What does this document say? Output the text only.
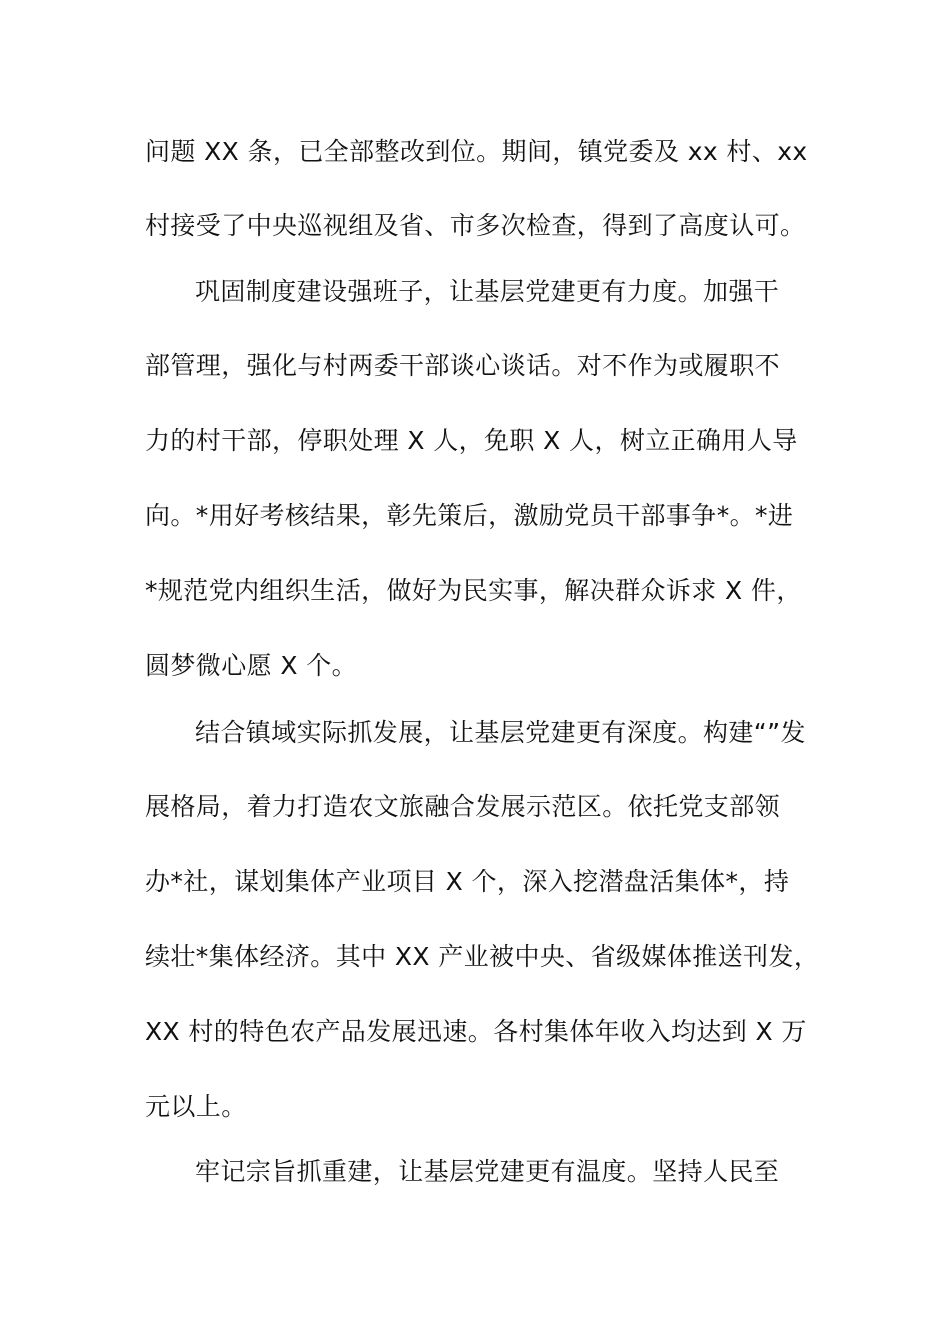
问题 XX 条，已全部整改到位。期间，镇党委及 xx 村、xx
村接受了中央巡视组及省、市多次检查，得到了高度认可。
巩固制度建设强班子，让基层党建更有力度。加强干
部管理，强化与村两委干部谈心谈话。对不作为或履职不
力的村干部，停职处理 X 人，免职 X 人，树立正确用人导
向。*用好考核结果，彰先策后，激励党员干部事争*。*进
*规范党内组织生活，做好为民实事，解决群众诉求 X 件，
圆梦微心愿 X 个。
结合镇域实际抓发展，让基层党建更有深度。构建“”发
展格局，着力打造农文旅融合发展示范区。依托党支部领
办*社，谋划集体产业项目 X 个，深入挖潜盘活集体*，持
续壮*集体经济。其中 XX 产业被中央、省级媒体推送刊发，
XX 村的特色农产品发展迅速。各村集体年收入均达到 X 万
元以上。
牢记宗旨抓重建，让基层党建更有温度。坚持人民至
